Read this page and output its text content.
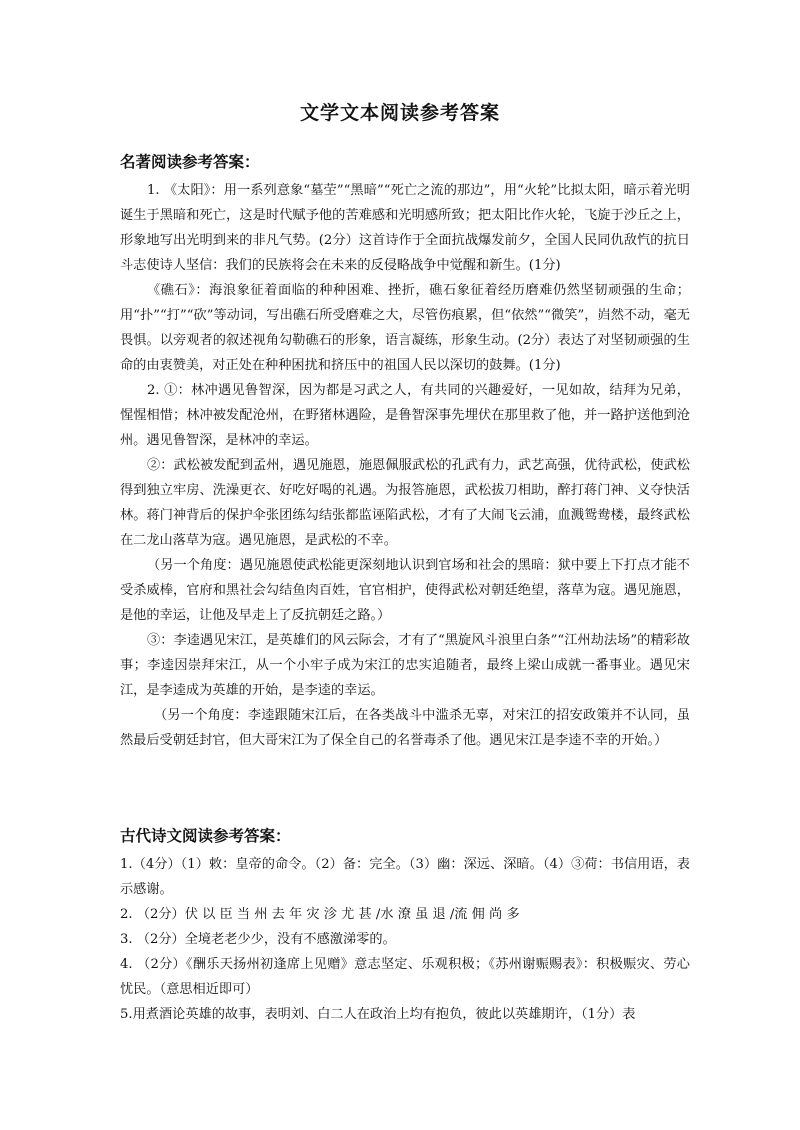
文学文本阅读参考答案
名著阅读参考答案：

1. 《太阳》：用一系列意象“墓茔”“黑暗”“死亡之流的那边”，用“火轮”比拟太阳，暗示着光明诞生于黑暗和死亡，这是时代赋予他的苦难感和光明感所致；把太阳比作火轮，飞旋于沙丘之上，形象地写出光明到来的非凡气势。(2分）这首诗作于全面抗战爆发前夕，全国人民同仇敌忾的抗日斗志使诗人坚信：我们的民族将会在未来的反侵略战争中觉醒和新生。(1分)

《礁石》：海浪象征着面临的种种困难、挫折，礁石象征着经历磨难仍然坚韧顽强的生命；用“扑”“打”“砍”等动词，写出礁石所受磨难之大，尽管伤痕累，但“依然”“微笑”，岿然不动，毫无畏惧。以旁观者的叙述视角勾勒礁石的形象，语言凝练，形象生动。(2分）表达了对坚韧顽强的生命的由衷赞美，对正处在种种困扰和挤压中的祖国人民以深切的鼓舞。(1分)

2. ①：林冲遇见鲁智深，因为都是习武之人，有共同的兴趣爱好，一见如故，结拜为兄弟，惺惺相惜；林冲被发配沧州，在野猪林遇险，是鲁智深事先埋伏在那里救了他，并一路护送他到沧州。遇见鲁智深，是林冲的幸运。

②：武松被发配到孟州，遇见施恩，施恩佩服武松的孔武有力，武艺高强，优待武松，使武松得到独立牢房、洗澡更衣、好吃好喝的礼遇。为报答施恩，武松拔刀相助，醉打蒋门神、义夺快活林。蒋门神背后的保护伞张团练勾结张都监诬陷武松，才有了大闹飞云浦，血溅鸳鸯楼，最终武松在二龙山落草为寇。遇见施恩，是武松的不幸。

（另一个角度：遇见施恩使武松能更深刻地认识到官场和社会的黑暗：狱中要上下打点才能不受杀威棒，官府和黑社会勾结鱼肉百姓，官官相护，使得武松对朝廷绝望，落草为寇。遇见施恩，是他的幸运，让他及早走上了反抗朝廷之路。）

③：李逵遇见宋江，是英雄们的风云际会，才有了“黑旋风斗浪里白条”“江州劫法场”的精彩故事；李逵因崇拜宋江，从一个小牢子成为宋江的忠实追随者，最终上梁山成就一番事业。遇见宋江，是李逵成为英雄的开始，是李逵的幸运。

（另一个角度：李逵跟随宋江后，在各类战斗中滥杀无辜，对宋江的招安政策并不认同，虽然最后受朝廷封官，但大哥宋江为了保全自己的名誉毒杀了他。遇见宋江是李逵不幸的开始。）

古代诗文阅读参考答案：

1.（4分）（1）敕：皇帝的命令。（2）备：完全。（3）幽：深远、深暗。（4）③荷：书信用语，表示感谢。

2. （2分）伏 以 臣 当 州 去 年 灾 沴 尤 甚 /水 潦 虽 退 /流 佣 尚 多

3. （2分）全境老老少少，没有不感激涕零的。

4. （2分）《酬乐天扬州初逢席上见赠》意志坚定、乐观积极；《苏州谢赈赐表》：积极赈灾、劳心忧民。（意思相近即可）

5.用煮酒论英雄的故事，表明刘、白二人在政治上均有抱负，彼此以英雄期许，（1分）表
